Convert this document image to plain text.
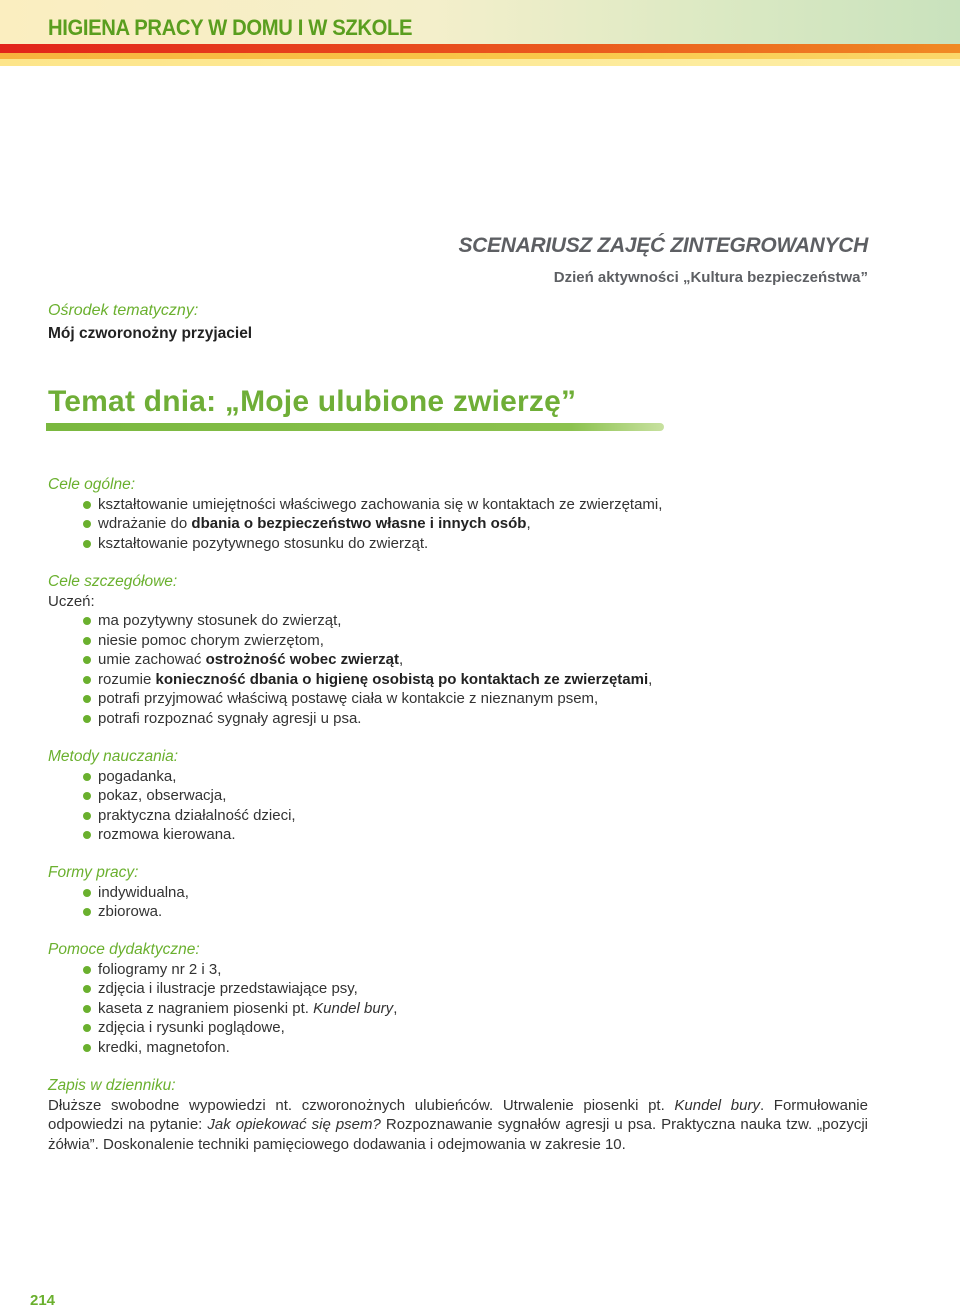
HIGIENA PRACY W DOMU I W SZKOLE
SCENARIUSZ ZAJĘĆ ZINTEGROWANYCH
Dzień aktywności „Kultura bezpieczeństwa”
Ośrodek tematyczny:
Mój czworonożny przyjaciel
Temat dnia: „Moje ulubione zwierzę”
Cele ogólne:
kształtowanie umiejętności właściwego zachowania się w kontaktach ze zwierzętami,
wdrażanie do dbania o bezpieczeństwo własne i innych osób,
kształtowanie pozytywnego stosunku do zwierząt.
Cele szczegółowe:
Uczeń:
ma pozytywny stosunek do zwierząt,
niesie pomoc chorym zwierzętom,
umie zachować ostrożność wobec zwierząt,
rozumie konieczność dbania o higienę osobistą po kontaktach ze zwierzętami,
potrafi przyjmować właściwą postawę ciała w kontakcie z nieznanym psem,
potrafi rozpoznać sygnały agresji u psa.
Metody nauczania:
pogadanka,
pokaz, obserwacja,
praktyczna działalność dzieci,
rozmowa kierowana.
Formy pracy:
indywidualna,
zbiorowa.
Pomoce dydaktyczne:
foliogramy nr 2 i 3,
zdjęcia i ilustracje przedstawiające psy,
kaseta z nagraniem piosenki pt. Kundel bury,
zdjęcia i rysunki poglądowe,
kredki, magnetofon.
Zapis w dzienniku:
Dłuższe swobodne wypowiedzi nt. czworonożnych ulubieńców. Utrwalenie piosenki pt. Kundel bury. Formułowanie odpowiedzi na pytanie: Jak opiekować się psem? Rozpoznawanie sygnałów agresji u psa. Praktyczna nauka tzw. „pozycji żółwia”. Doskonalenie techniki pamięciowego dodawania i odejmowania w zakresie 10.
214
